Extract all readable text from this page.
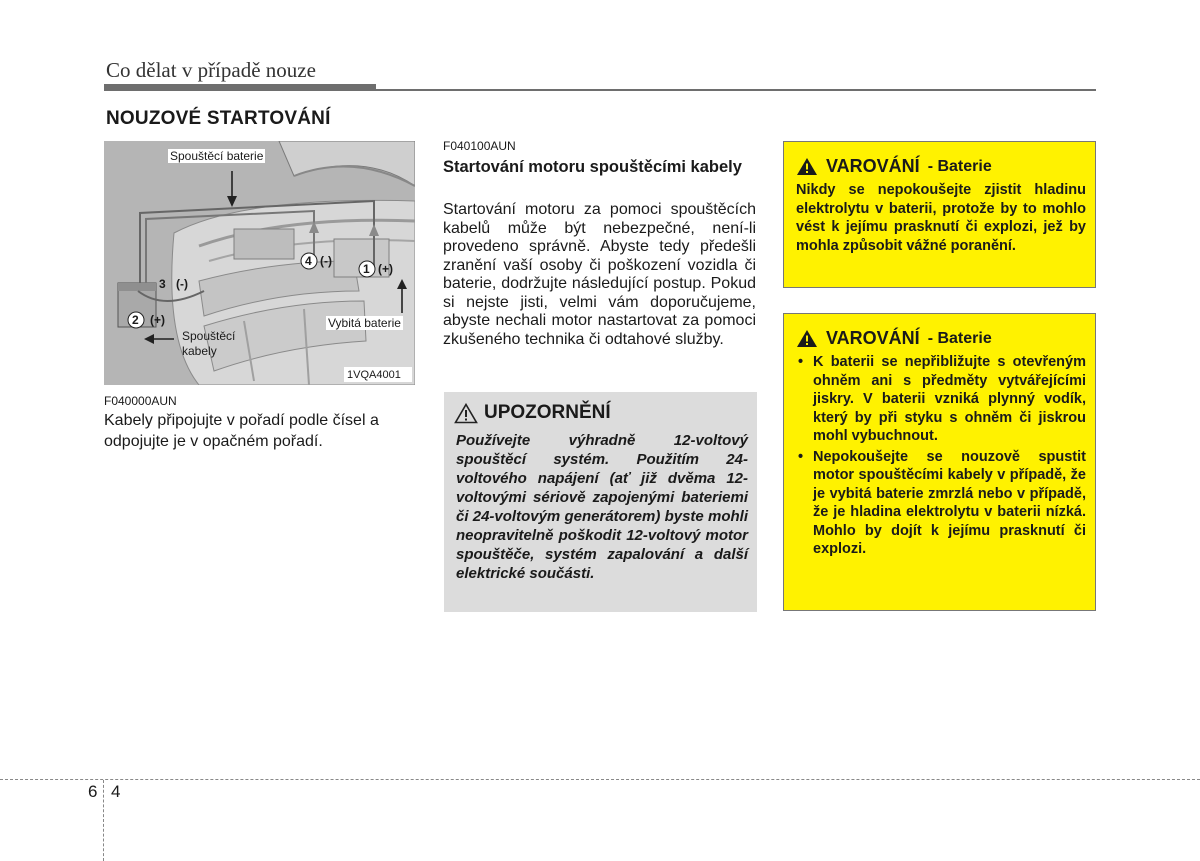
Co dělat v případě nouze
NOUZOVÉ STARTOVÁNÍ
Spouštěcí baterie
Spouštěcí
kabely
Vybitá baterie
1 (+)
2 (+)
3 (-)
4 (-)
1VQA4001
F040000AUN
Kabely připojujte v pořadí podle čísel a odpojujte je v opačném pořadí.
F040100AUN
Startování motoru spouštěcími kabely
Startování motoru za pomoci spouštěcích kabelů může být nebezpečné, není-li provedeno správně. Abyste tedy předešli zranění vaší osoby či poškození vozidla či baterie, dodržujte následující postup. Pokud si nejste jisti, velmi vám doporučujeme, abyste nechali motor nastartovat za pomoci zkušeného technika či odtahové služby.
UPOZORNĚNÍ
Používejte výhradně 12-voltový spouštěcí systém. Použitím 24-voltového napájení (ať již dvěma 12-voltovými sériově zapojenými bateriemi či 24-voltovým generátorem) byste mohli neopravitelně poškodit 12-voltový motor spouštěče, systém zapalování a další elektrické součásti.
VAROVÁNÍ - Baterie
Nikdy se nepokoušejte zjistit hladinu elektrolytu v baterii, protože by to mohlo vést k jejímu prasknutí či explozi, jež by mohla způsobit vážné poranění.
VAROVÁNÍ - Baterie
• K baterii se nepřibližujte s otevřeným ohněm ani s předměty vytvářejícími jiskry. V baterii vzniká plynný vodík, který by při styku s ohněm či jiskrou mohl vybuchnout.
• Nepokoušejte se nouzově spustit motor spouštěcími kabely v případě, že je vybitá baterie zmrzlá nebo v případě, že je hladina elektrolytu v baterii nízká. Mohlo by dojít k jejímu prasknutí či explozi.
6 4
